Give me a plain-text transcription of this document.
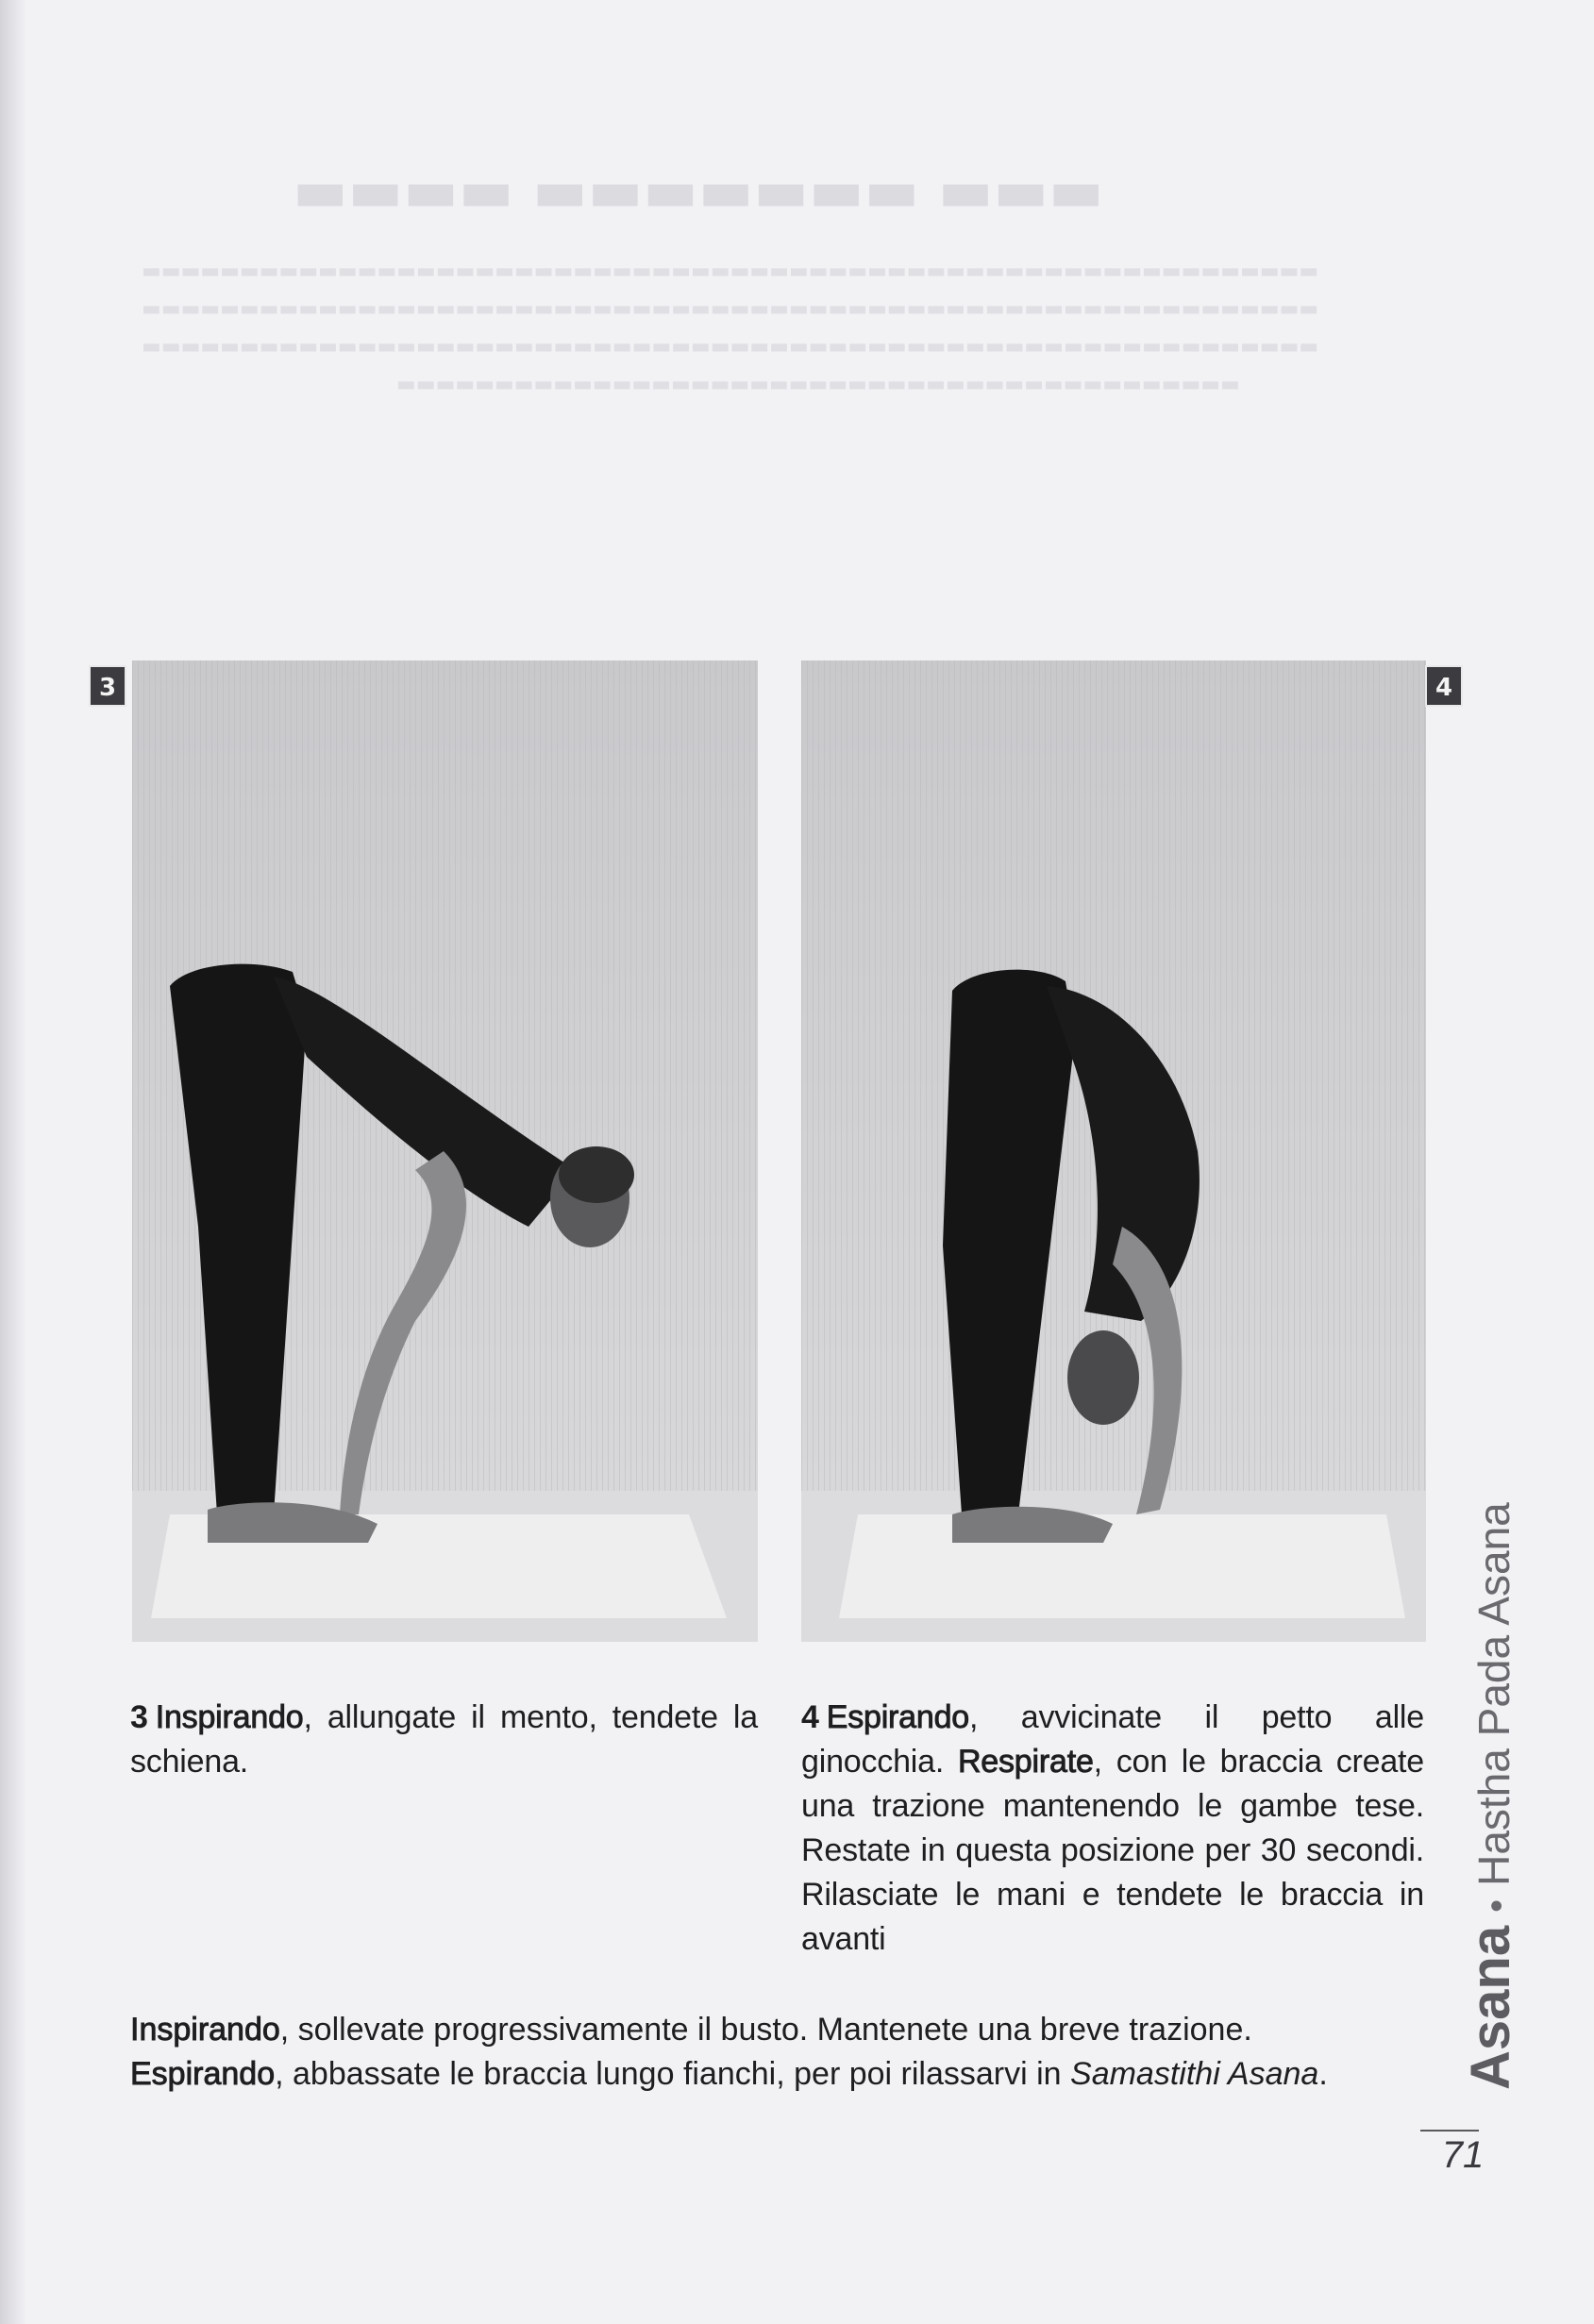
▬▬▬ ▬▬▬▬▬▬▬ ▬▬▬▬
▬▬▬▬▬▬▬▬▬▬▬▬▬▬▬▬▬▬▬▬▬▬▬▬▬▬▬▬▬▬▬▬▬▬▬▬▬▬▬▬▬▬▬▬▬▬▬▬▬▬▬▬▬▬▬▬▬▬▬▬
▬▬▬▬▬▬▬▬▬▬▬▬▬▬▬▬▬▬▬▬▬▬▬▬▬▬▬▬▬▬▬▬▬▬▬▬▬▬▬▬▬▬▬▬▬▬▬▬▬▬▬▬▬▬▬▬▬▬▬▬
▬▬▬▬▬▬▬▬▬▬▬▬▬▬▬▬▬▬▬▬▬▬▬▬▬▬▬▬▬▬▬▬▬▬▬▬▬▬▬▬▬▬▬▬▬▬▬▬▬▬▬▬▬▬▬▬▬▬▬▬
▬▬▬▬▬▬▬▬▬▬▬▬▬▬▬▬▬▬▬▬▬▬▬▬▬▬▬▬▬▬▬▬▬▬▬▬▬▬▬▬▬▬▬
3	4
3 Inspirando, allungate il mento, tendete la schiena.
4 Espirando, avvicinate il petto alle ginocchia. Respirate, con le braccia create una trazione mantenendo le gambe tese. Restate in questa posizione per 30 secondi. Rilasciate le mani e tendete le braccia in avanti
Inspirando, sollevate progressivamente il busto. Mantenete una breve trazione.
Espirando, abbassate le braccia lungo fianchi, per poi rilassarvi in Samastithi Asana.	Asana•Hastha Pada Asana
71
